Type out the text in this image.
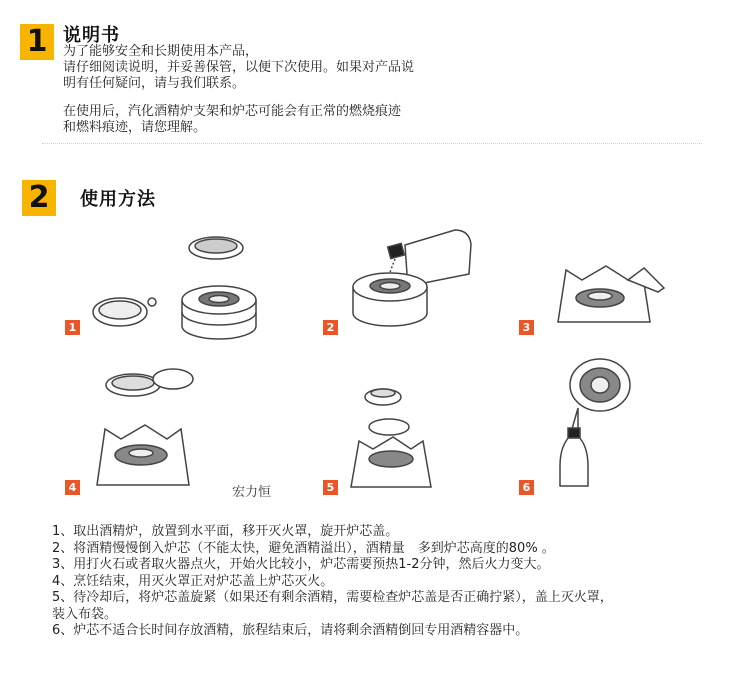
1 说明书
为了能够安全和长期使用本产品，
请仔细阅读说明，并妥善保管，以便下次使用。如果对产品说
明有任何疑问，请与我们联系。
在使用后，汽化酒精炉支架和炉芯可能会有正常的燃烧痕迹
和燃料痕迹，请您理解。
2	使用方法
1	2	3
4	5	6
宏力恒
1、取出酒精炉，放置到水平面，移开灭火罩，旋开炉芯盖。
2、将酒精慢慢倒入炉芯（不能太快，避免酒精溢出），酒精量　多到炉芯高度的80% 。
3、用打火石或者取火器点火，开始火比较小，炉芯需要预热1-2分钟，然后火力变大。
4、烹饪结束，用灭火罩正对炉芯盖上炉芯灭火。
5、待冷却后，将炉芯盖旋紧（如果还有剩余酒精，需要检查炉芯盖是否正确拧紧），盖上灭火罩，
装入布袋。
6、炉芯不适合长时间存放酒精，旅程结束后，请将剩余酒精倒回专用酒精容器中。
